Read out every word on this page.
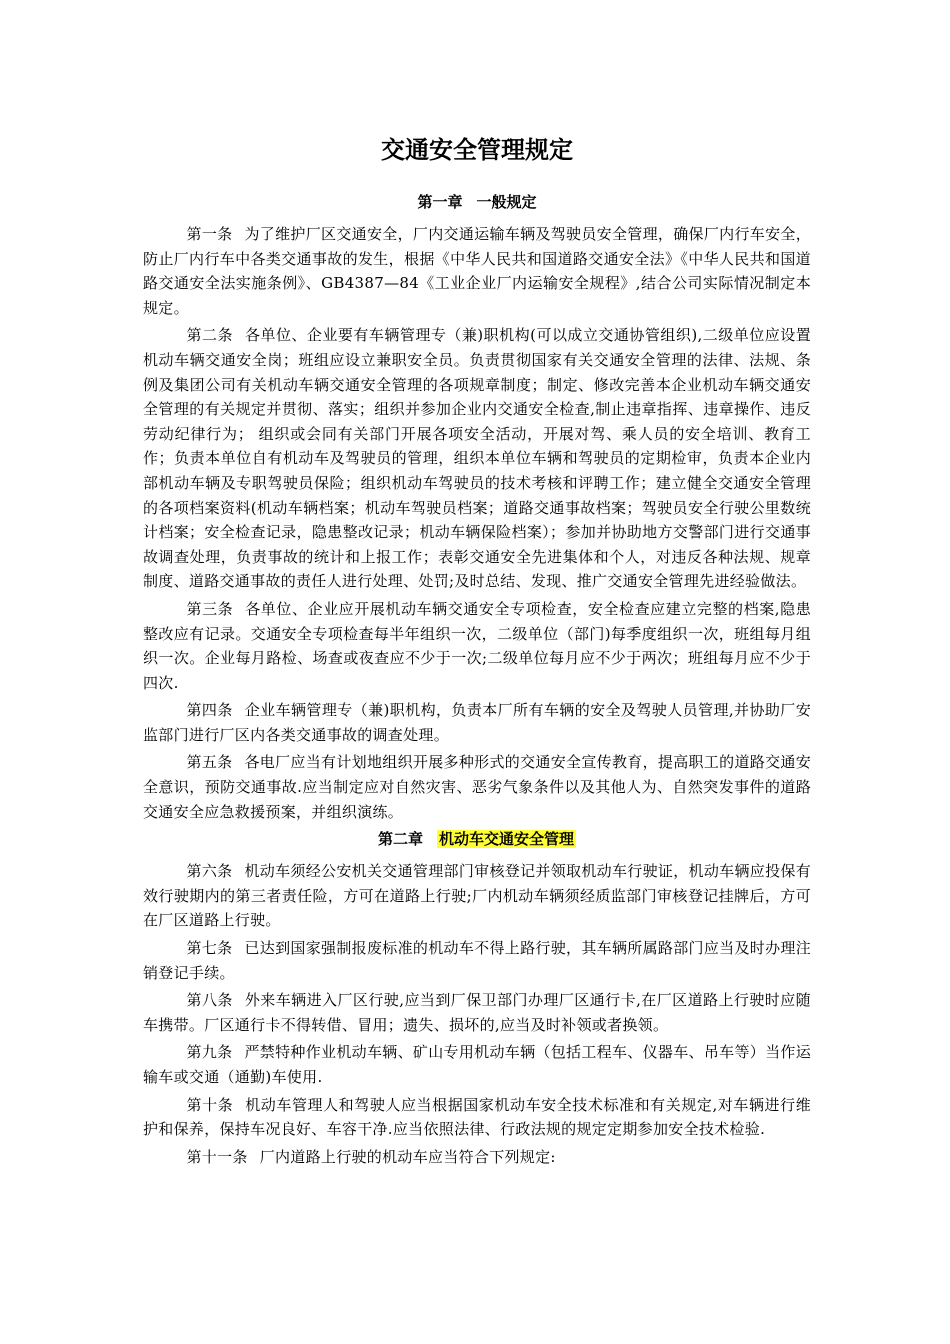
交通安全管理规定
第一章 一般规定

第一条 为了维护厂区交通安全，厂内交通运输车辆及驾驶员安全管理，确保厂内行车安全，防止厂内行车中各类交通事故的发生，根据《中华人民共和国道路交通安全法》《中华人民共和国道路交通安全法实施条例》、GB4387—84《工业企业厂内运输安全规程》,结合公司实际情况制定本规定。

第二条 各单位、企业要有车辆管理专（兼)职机构(可以成立交通协管组织),二级单位应设置机动车辆交通安全岗；班组应设立兼职安全员。负责贯彻国家有关交通安全管理的法律、法规、条例及集团公司有关机动车辆交通安全管理的各项规章制度；制定、修改完善本企业机动车辆交通安全管理的有关规定并贯彻、落实；组织并参加企业内交通安全检查,制止违章指挥、违章操作、违反劳动纪律行为； 组织或会同有关部门开展各项安全活动，开展对驾、乘人员的安全培训、教育工作；负责本单位自有机动车及驾驶员的管理，组织本单位车辆和驾驶员的定期检审，负责本企业内部机动车辆及专职驾驶员保险；组织机动车驾驶员的技术考核和评聘工作；建立健全交通安全管理的各项档案资料(机动车辆档案；机动车驾驶员档案；道路交通事故档案；驾驶员安全行驶公里数统计档案；安全检查记录，隐患整改记录；机动车辆保险档案）；参加并协助地方交警部门进行交通事故调查处理，负责事故的统计和上报工作；表彰交通安全先进集体和个人，对违反各种法规、规章制度、道路交通事故的责任人进行处理、处罚;及时总结、发现、推广交通安全管理先进经验做法。

第三条 各单位、企业应开展机动车辆交通安全专项检查，安全检查应建立完整的档案,隐患整改应有记录。交通安全专项检查每半年组织一次，二级单位（部门)每季度组织一次，班组每月组织一次。企业每月路检、场查或夜查应不少于一次;二级单位每月应不少于两次；班组每月应不少于四次.

第四条 企业车辆管理专（兼)职机构，负责本厂所有车辆的安全及驾驶人员管理,并协助厂安监部门进行厂区内各类交通事故的调查处理。

第五条 各电厂应当有计划地组织开展多种形式的交通安全宣传教育，提高职工的道路交通安全意识，预防交通事故.应当制定应对自然灾害、恶劣气象条件以及其他人为、自然突发事件的道路交通安全应急救援预案，并组织演练。

第二章 机动车交通安全管理

第六条 机动车须经公安机关交通管理部门审核登记并领取机动车行驶证，机动车辆应投保有效行驶期内的第三者责任险，方可在道路上行驶;厂内机动车辆须经质监部门审核登记挂牌后，方可在厂区道路上行驶。

第七条 已达到国家强制报废标准的机动车不得上路行驶，其车辆所属路部门应当及时办理注销登记手续。

第八条 外来车辆进入厂区行驶,应当到厂保卫部门办理厂区通行卡,在厂区道路上行驶时应随车携带。厂区通行卡不得转借、冒用；遗失、损坏的,应当及时补领或者换领。

第九条 严禁特种作业机动车辆、矿山专用机动车辆（包括工程车、仪器车、吊车等）当作运输车或交通（通勤)车使用.

第十条 机动车管理人和驾驶人应当根据国家机动车安全技术标准和有关规定,对车辆进行维护和保养，保持车况良好、车容干净.应当依照法律、行政法规的规定定期参加安全技术检验.

第十一条 厂内道路上行驶的机动车应当符合下列规定:
